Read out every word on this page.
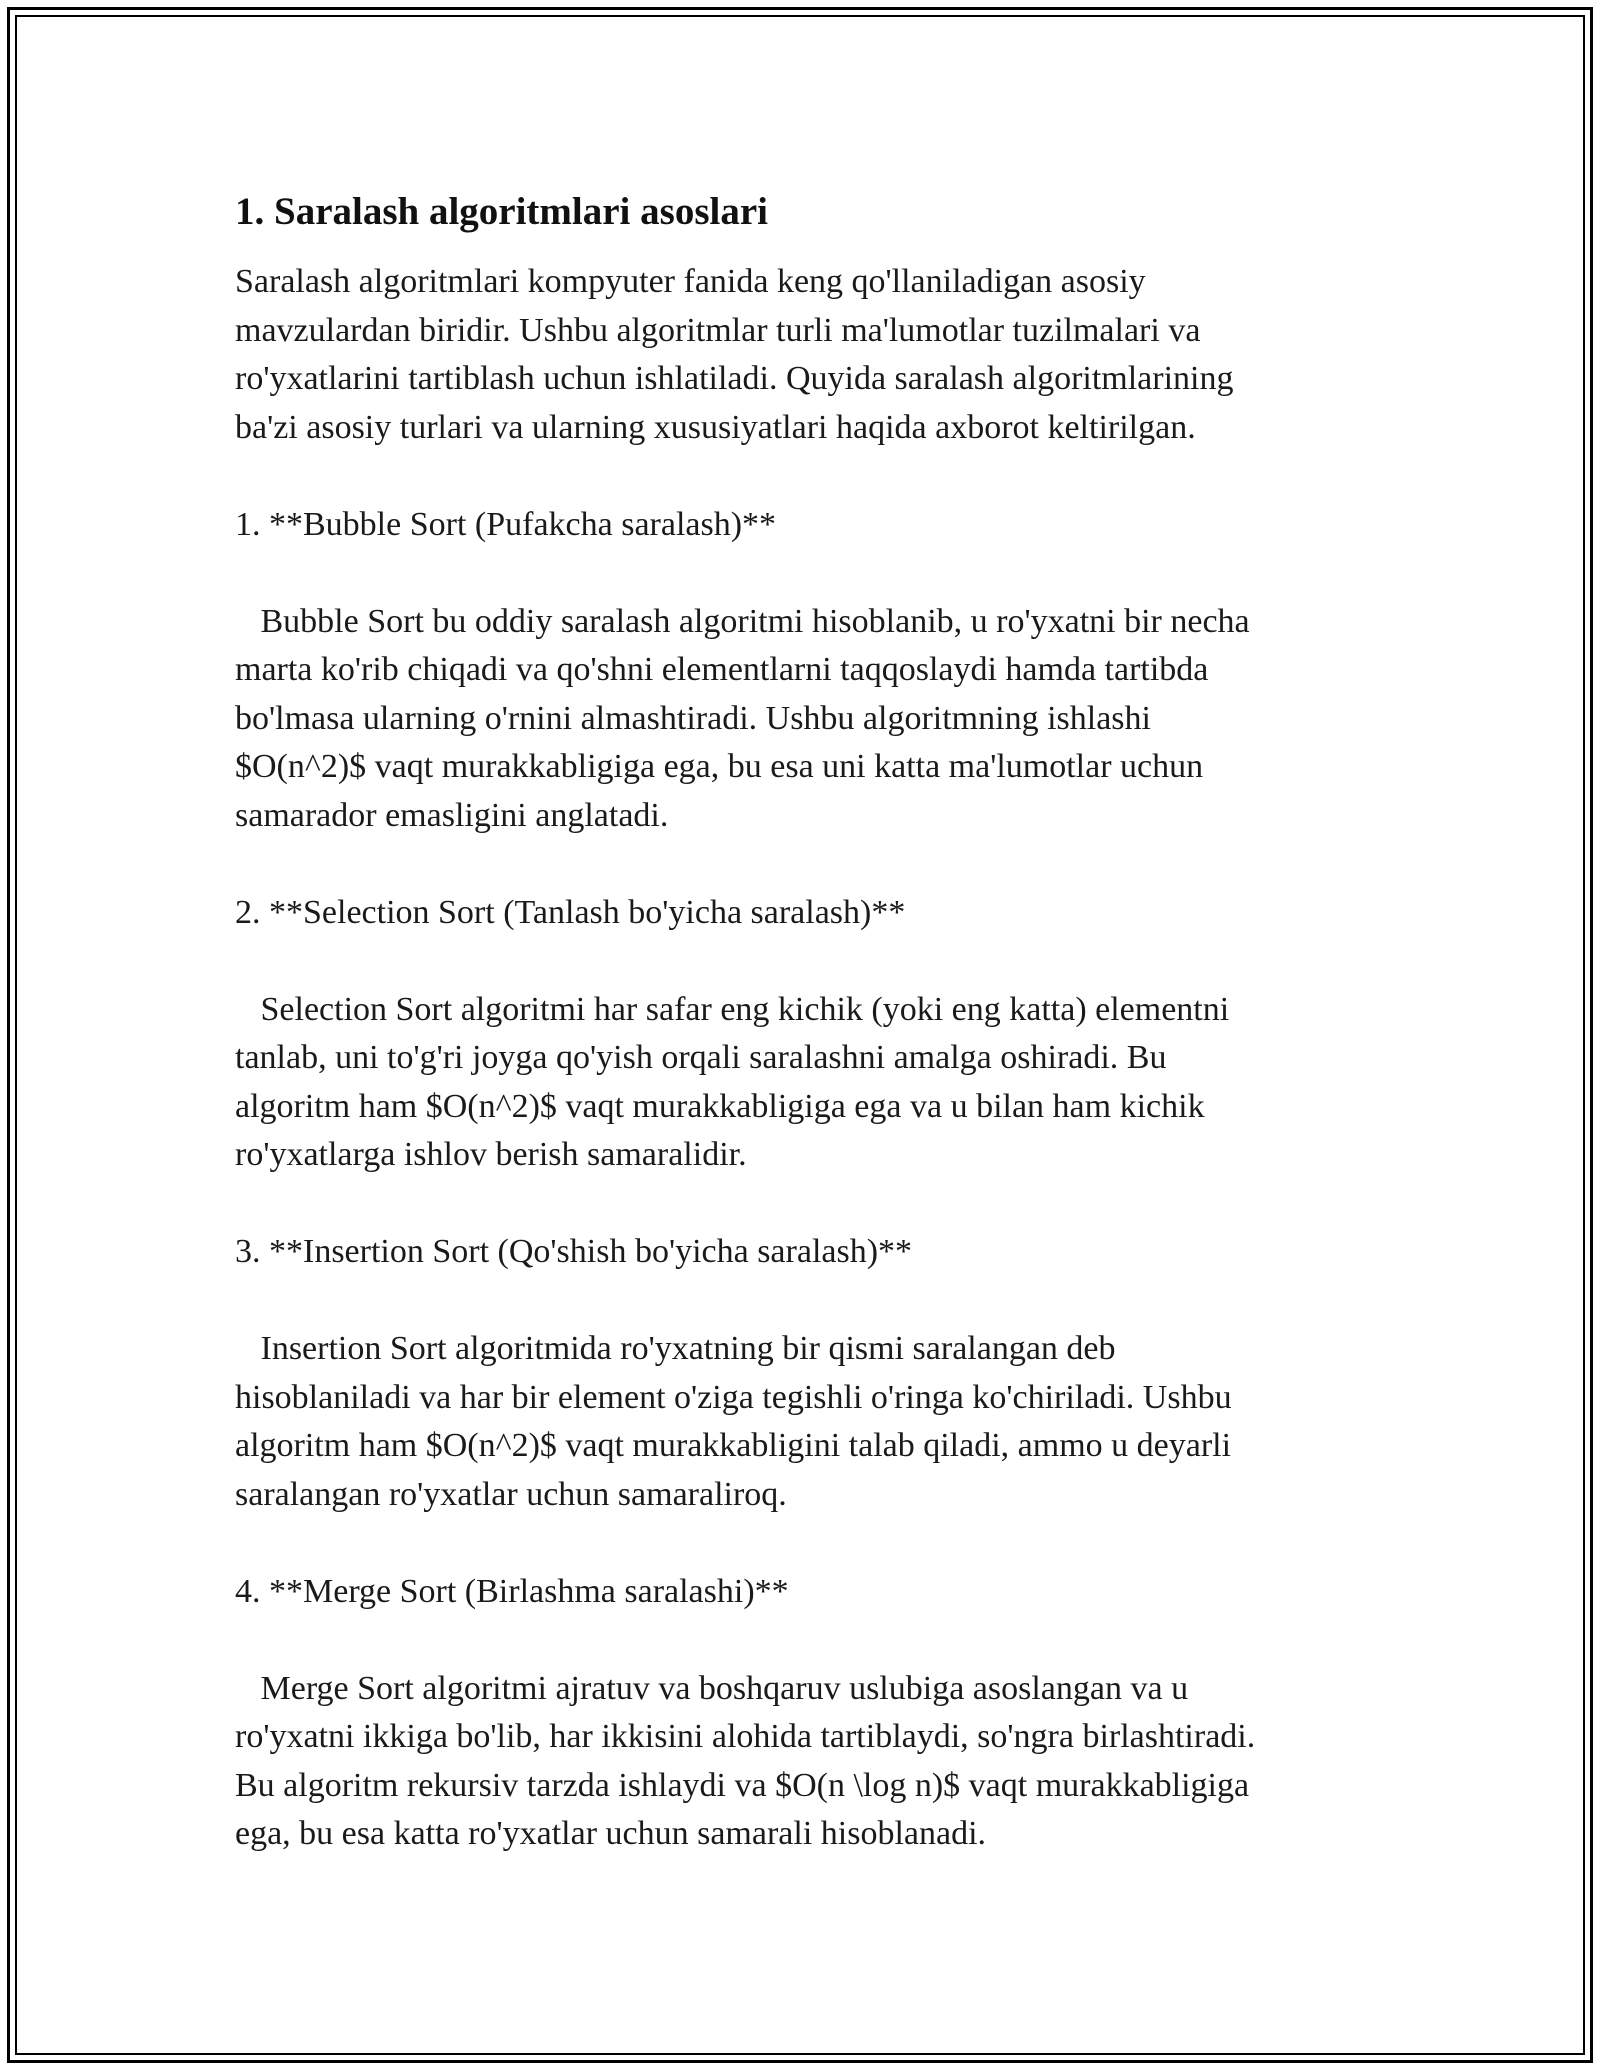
1. Saralash algoritmlari asoslari

Saralash algoritmlari kompyuter fanida keng qo'llaniladigan asosiy
mavzulardan biridir. Ushbu algoritmlar turli ma'lumotlar tuzilmalari va
ro'yxatlarini tartiblash uchun ishlatiladi. Quyida saralash algoritmlarining
ba'zi asosiy turlari va ularning xususiyatlari haqida axborot keltirilgan.

1. **Bubble Sort (Pufakcha saralash)**

Bubble Sort bu oddiy saralash algoritmi hisoblanib, u ro'yxatni bir necha
marta ko'rib chiqadi va qo'shni elementlarni taqqoslaydi hamda tartibda
bo'lmasa ularning o'rnini almashtiradi. Ushbu algoritmning ishlashi
$O(n^2)$ vaqt murakkabligiga ega, bu esa uni katta ma'lumotlar uchun
samarador emasligini anglatadi.

2. **Selection Sort (Tanlash bo'yicha saralash)**

Selection Sort algoritmi har safar eng kichik (yoki eng katta) elementni
tanlab, uni to'g'ri joyga qo'yish orqali saralashni amalga oshiradi. Bu
algoritm ham $O(n^2)$ vaqt murakkabligiga ega va u bilan ham kichik
ro'yxatlarga ishlov berish samaralidir.

3. **Insertion Sort (Qo'shish bo'yicha saralash)**

Insertion Sort algoritmida ro'yxatning bir qismi saralangan deb
hisoblaniladi va har bir element o'ziga tegishli o'ringa ko'chiriladi. Ushbu
algoritm ham $O(n^2)$ vaqt murakkabligini talab qiladi, ammo u deyarli
saralangan ro'yxatlar uchun samaraliroq.

4. **Merge Sort (Birlashma saralashi)**

Merge Sort algoritmi ajratuv va boshqaruv uslubiga asoslangan va u
ro'yxatni ikkiga bo'lib, har ikkisini alohida tartiblaydi, so'ngra birlashtiradi.
Bu algoritm rekursiv tarzda ishlaydi va $O(n \log n)$ vaqt murakkabligiga
ega, bu esa katta ro'yxatlar uchun samarali hisoblanadi.
